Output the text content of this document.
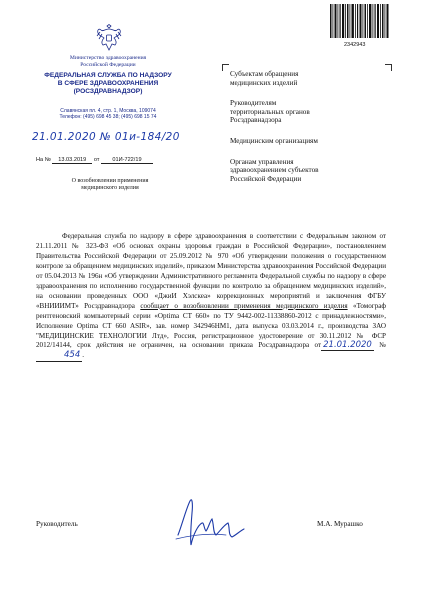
2342943
Министерство здравоохранения
Российской Федерации
ФЕДЕРАЛЬНАЯ СЛУЖБА ПО НАДЗОРУ
В СФЕРЕ ЗДРАВООХРАНЕНИЯ
(РОСЗДРАВНАДЗОР)
Славянская пл. 4, стр. 1, Москва, 109074
Телефон: (495) 698 45 38; (495) 698 15 74
21.01.2020 № 01и-184/20
На № 13.03.2019 от 01И-722/19
О возобновлении применения
медицинского изделия

Субъектам обращения
медицинских изделий

Руководителям
территориальных органов
Росздравнадзора

Медицинским организациям

Органам управления
здравоохранением субъектов
Российской Федерации

Федеральная служба по надзору в сфере здравоохранения в соответствии с Федеральным законом от 21.11.2011 № 323-ФЗ «Об основах охраны здоровья граждан в Российской Федерации», постановлением Правительства Российской Федерации от 25.09.2012 № 970 «Об утверждении положения о государственном контроле за обращением медицинских изделий», приказом Министерства здравоохранения Российской Федерации от 05.04.2013 № 196н «Об утверждении Административного регламента Федеральной службы по надзору в сфере здравоохранения по исполнению государственной функции по контролю за обращением медицинских изделий», на основании проведенных ООО «ДжиИ Хэлскеа» коррекционных мероприятий и заключения ФГБУ «ВНИИИМТ» Росздравнадзора сообщает о возобновлении применения медицинского изделия «Томограф рентгеновский компьютерный серии «Optima CT 660» по ТУ 9442-002-11338860-2012 с принадлежностями», Исполнение Optima CT 660 ASIR», зав. номер 342946HM1, дата выпуска 03.03.2014 г., производства ЗАО "МЕДИЦИНСКИЕ ТЕХНОЛОГИИ Лтд», Россия, регистрационное удостоверение от 30.11.2012 № ФСР 2012/14144, срок действия не ограничен, на основании приказа Росздравнадзора от 21.01.2020 № 454 .

Руководитель	М.А. Мурашко
